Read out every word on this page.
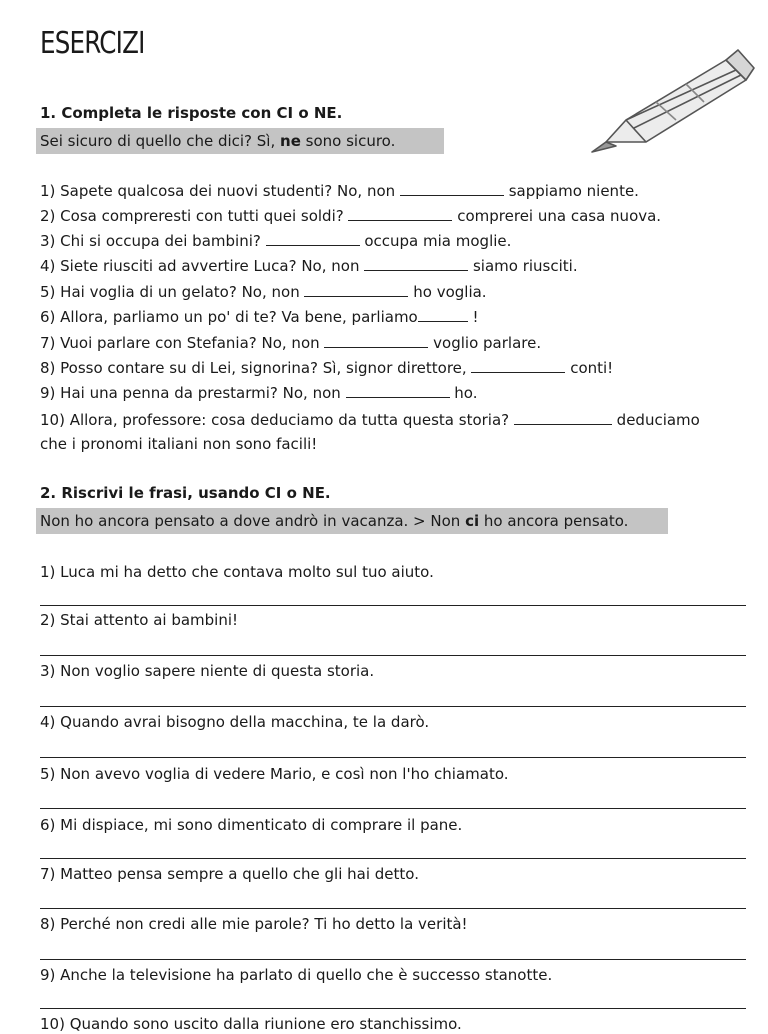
ESERCIZI
1. Completa le risposte con CI o NE.
Sei sicuro di quello che dici? Sì, ne sono sicuro.
1) Sapete qualcosa dei nuovi studenti? No, non	sappiamo niente.
2) Cosa compreresti con tutti quei soldi?	comprerei una casa nuova.
3) Chi si occupa dei bambini?	occupa mia moglie.
4) Siete riusciti ad avvertire Luca? No, non	siamo riusciti.
5) Hai voglia di un gelato? No, non	ho voglia.
6) Allora, parliamo un po' di te? Va bene, parliamo	!
7) Vuoi parlare con Stefania? No, non	voglio parlare.
8) Posso contare su di Lei, signorina? Sì, signor direttore,	conti!
9) Hai una penna da prestarmi? No, non	ho.
10) Allora, professore: cosa deduciamo da tutta questa storia?	deduciamo
che i pronomi italiani non sono facili!
2. Riscrivi le frasi, usando CI o NE.
Non ho ancora pensato a dove andrò in vacanza. > Non ci ho ancora pensato.
1) Luca mi ha detto che contava molto sul tuo aiuto.
2) Stai attento ai bambini!
3) Non voglio sapere niente di questa storia.
4) Quando avrai bisogno della macchina, te la darò.
5) Non avevo voglia di vedere Mario, e così non l'ho chiamato.
6) Mi dispiace, mi sono dimenticato di comprare il pane.
7) Matteo pensa sempre a quello che gli hai detto.
8) Perché non credi alle mie parole? Ti ho detto la verità!
9) Anche la televisione ha parlato di quello che è successo stanotte.
10) Quando sono uscito dalla riunione ero stanchissimo.
